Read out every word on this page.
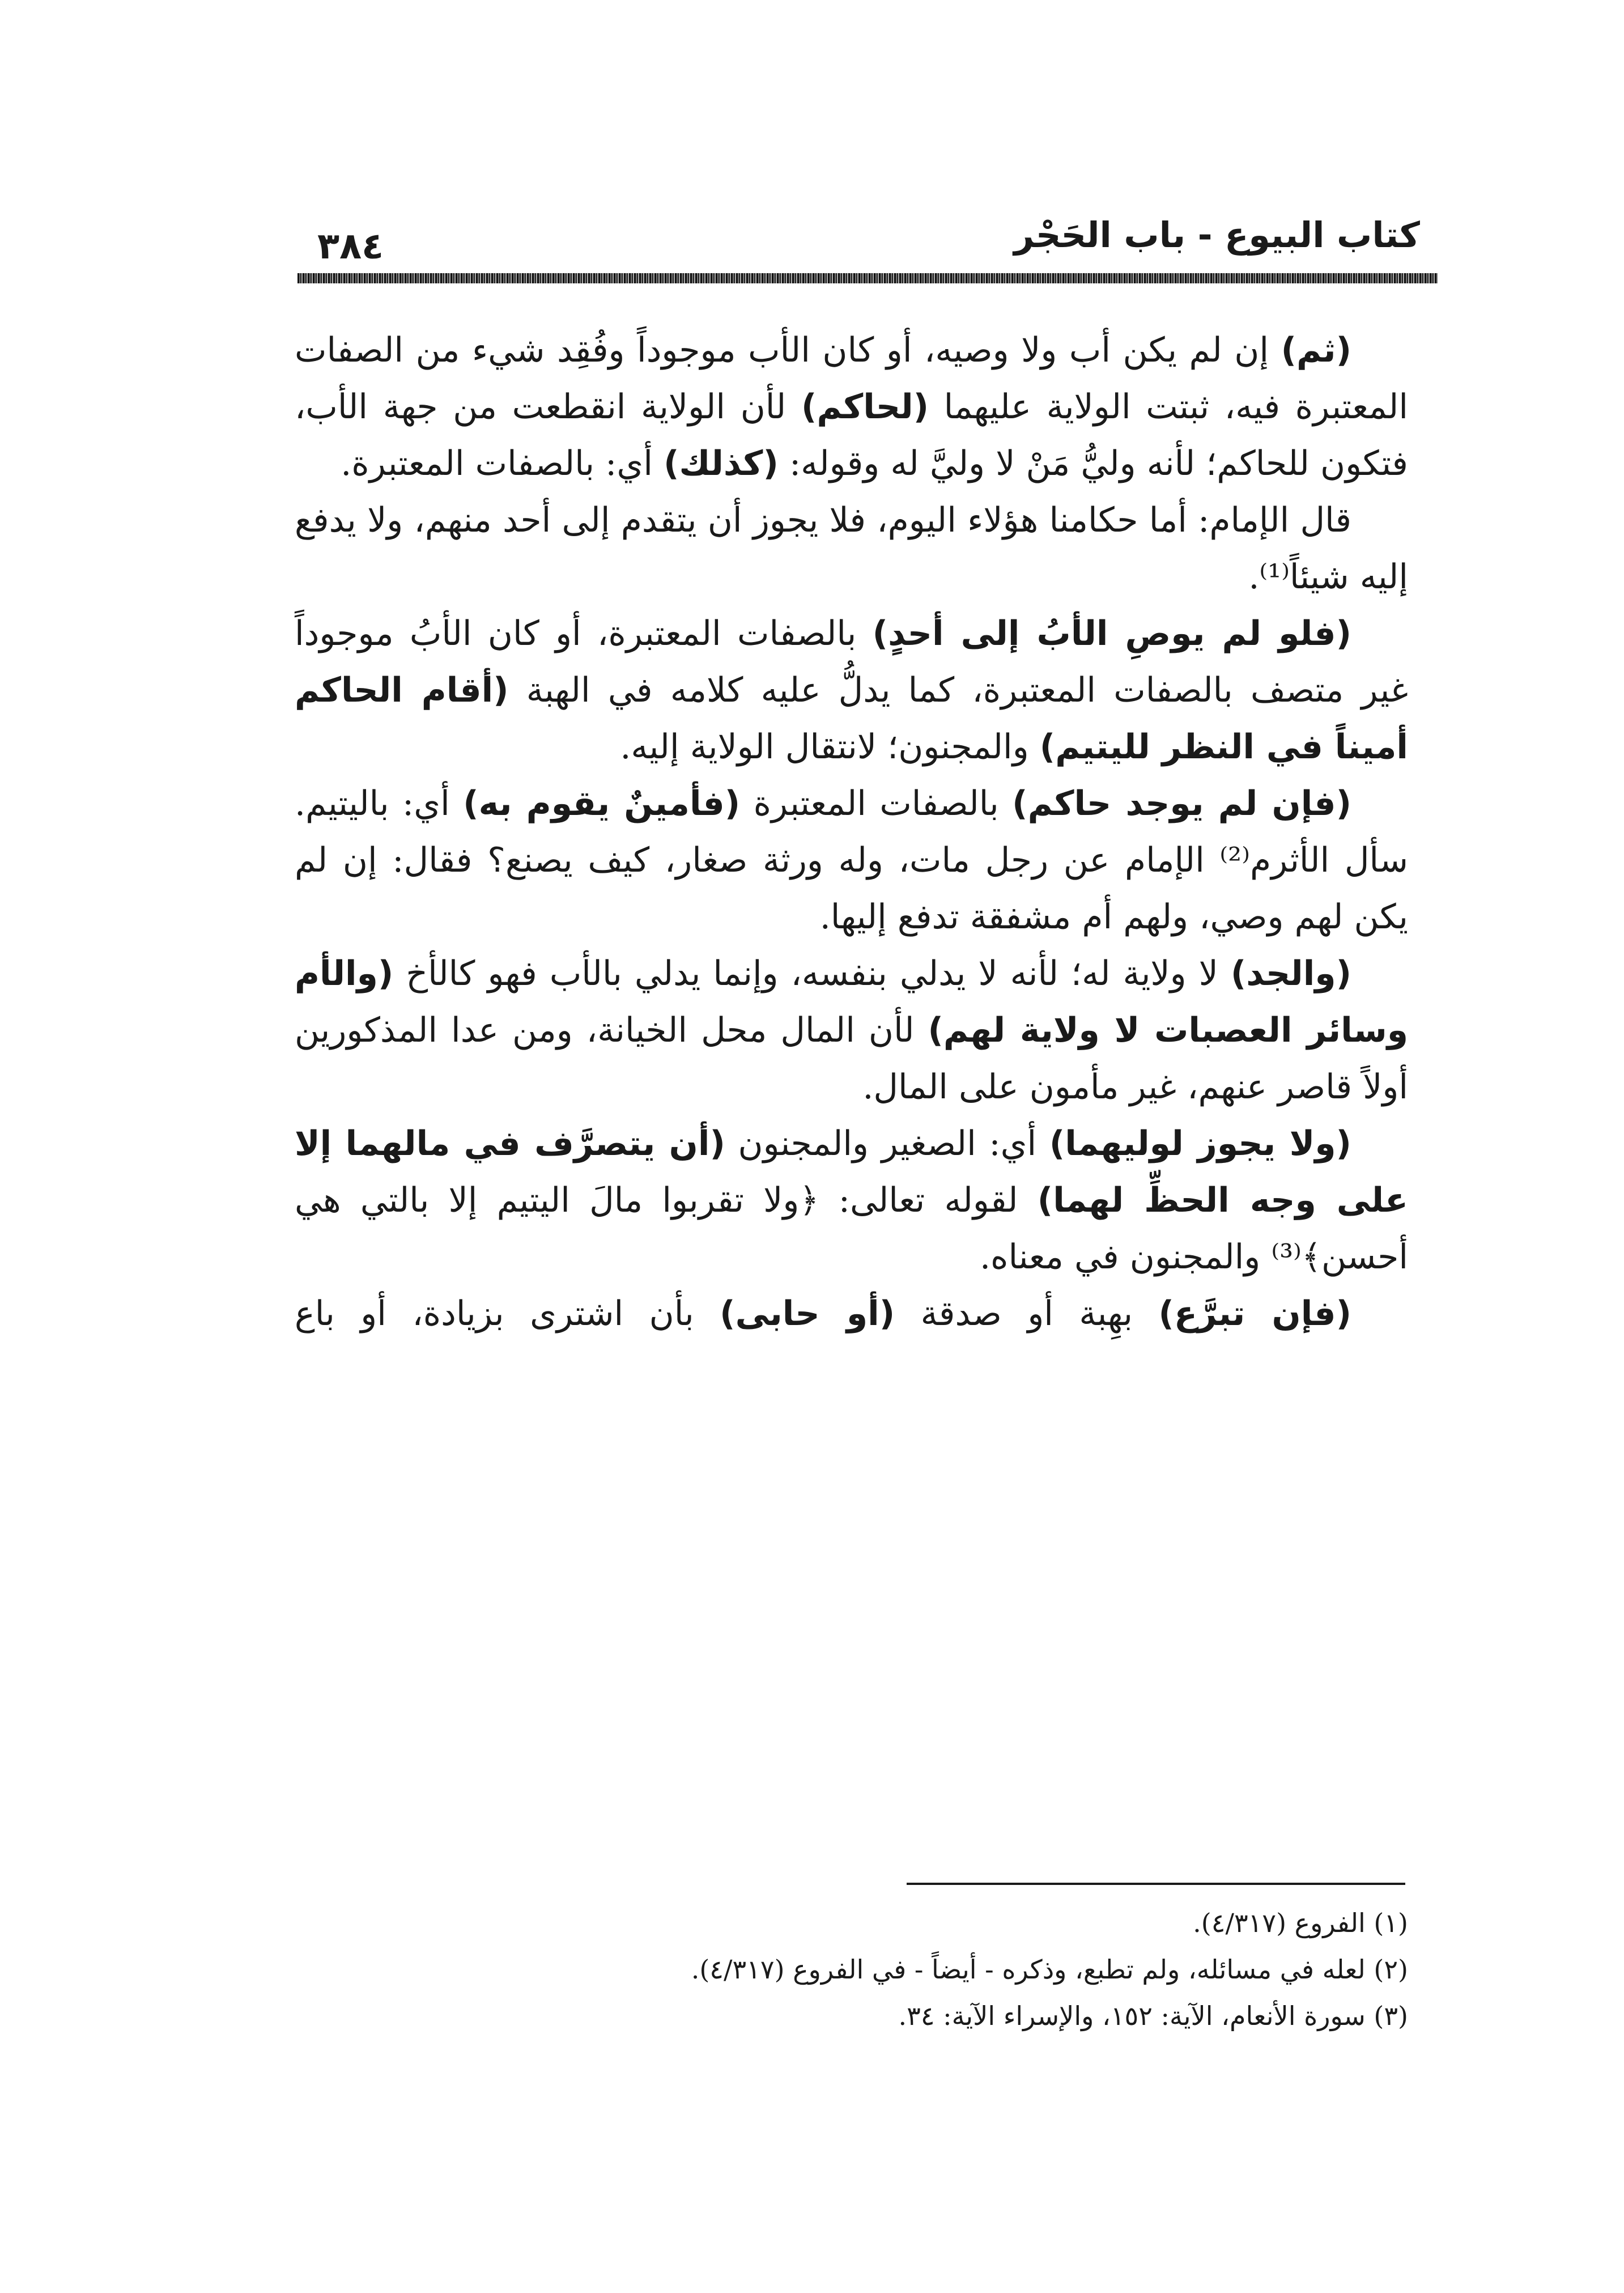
كتاب البيوع - باب الحَجْر
٣٨٤

(ثم) إن لم يكن أب ولا وصيه، أو كان الأب موجوداً وفُقِد شيء من الصفات المعتبرة فيه، ثبتت الولاية عليهما (لحاكم) لأن الولاية انقطعت من جهة الأب، فتكون للحاكم؛ لأنه وليُّ مَنْ لا وليَّ له وقوله: (كذلك) أي: بالصفات المعتبرة.

قال الإمام: أما حكامنا هؤلاء اليوم، فلا يجوز أن يتقدم إلى أحد منهم، ولا يدفع إليه شيئاً⁽¹⁾.

(فلو لم يوصِ الأبُ إلى أحدٍ) بالصفات المعتبرة، أو كان الأبُ موجوداً غير متصف بالصفات المعتبرة، كما يدلُّ عليه كلامه في الهبة (أقام الحاكم أميناً في النظر لليتيم) والمجنون؛ لانتقال الولاية إليه.

(فإن لم يوجد حاكم) بالصفات المعتبرة (فأمينٌ يقوم به) أي: باليتيم. سأل الأثرم⁽²⁾ الإمام عن رجل مات، وله ورثة صغار، كيف يصنع؟ فقال: إن لم يكن لهم وصي، ولهم أم مشفقة تدفع إليها.

(والجد) لا ولاية له؛ لأنه لا يدلي بنفسه، وإنما يدلي بالأب فهو كالأخ (والأم وسائر العصبات لا ولاية لهم) لأن المال محل الخيانة، ومن عدا المذكورين أولاً قاصر عنهم، غير مأمون على المال.

(ولا يجوز لوليهما) أي: الصغير والمجنون (أن يتصرَّف في مالهما إلا على وجه الحظِّ لهما) لقوله تعالى: ﴿ولا تقربوا مالَ اليتيم إلا بالتي هي أحسن﴾⁽³⁾ والمجنون في معناه.

(فإن تبرَّع) بهِبة أو صدقة (أو حابى) بأن اشترى بزيادة، أو باع

(١) الفروع (٤/٣١٧).
(٢) لعله في مسائله، ولم تطبع، وذكره - أيضاً - في الفروع (٤/٣١٧).
(٣) سورة الأنعام، الآية: ١٥٢، والإسراء الآية: ٣٤.
